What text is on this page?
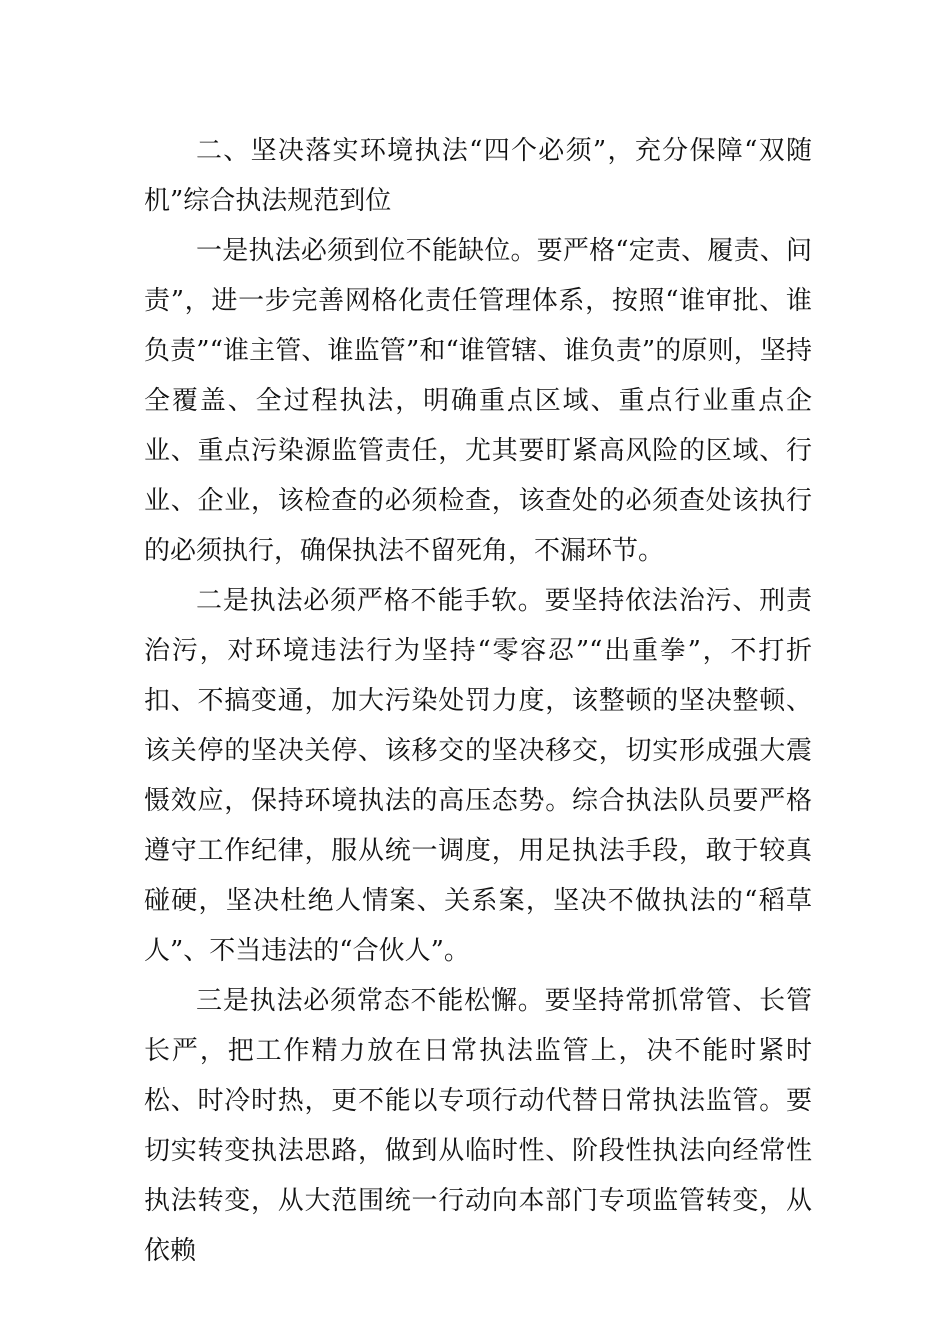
二、坚决落实环境执法“四个必须”，充分保障“双随机”综合执法规范到位

一是执法必须到位不能缺位。要严格“定责、履责、问责”，进一步完善网格化责任管理体系，按照“谁审批、谁负责”“谁主管、谁监管”和“谁管辖、谁负责”的原则，坚持全覆盖、全过程执法，明确重点区域、重点行业重点企业、重点污染源监管责任，尤其要盯紧高风险的区域、行业、企业，该检查的必须检查，该查处的必须查处该执行的必须执行，确保执法不留死角，不漏环节。

二是执法必须严格不能手软。要坚持依法治污、刑责治污，对环境违法行为坚持“零容忍”“出重拳”，不打折扣、不搞变通，加大污染处罚力度，该整顿的坚决整顿、该关停的坚决关停、该移交的坚决移交，切实形成强大震慑效应，保持环境执法的高压态势。综合执法队员要严格遵守工作纪律，服从统一调度，用足执法手段，敢于较真碰硬，坚决杜绝人情案、关系案，坚决不做执法的“稻草人”、不当违法的“合伙人”。

三是执法必须常态不能松懈。要坚持常抓常管、长管长严，把工作精力放在日常执法监管上，决不能时紧时松、时冷时热，更不能以专项行动代替日常执法监管。要切实转变执法思路，做到从临时性、阶段性执法向经常性执法转变，从大范围统一行动向本部门专项监管转变，从依赖
